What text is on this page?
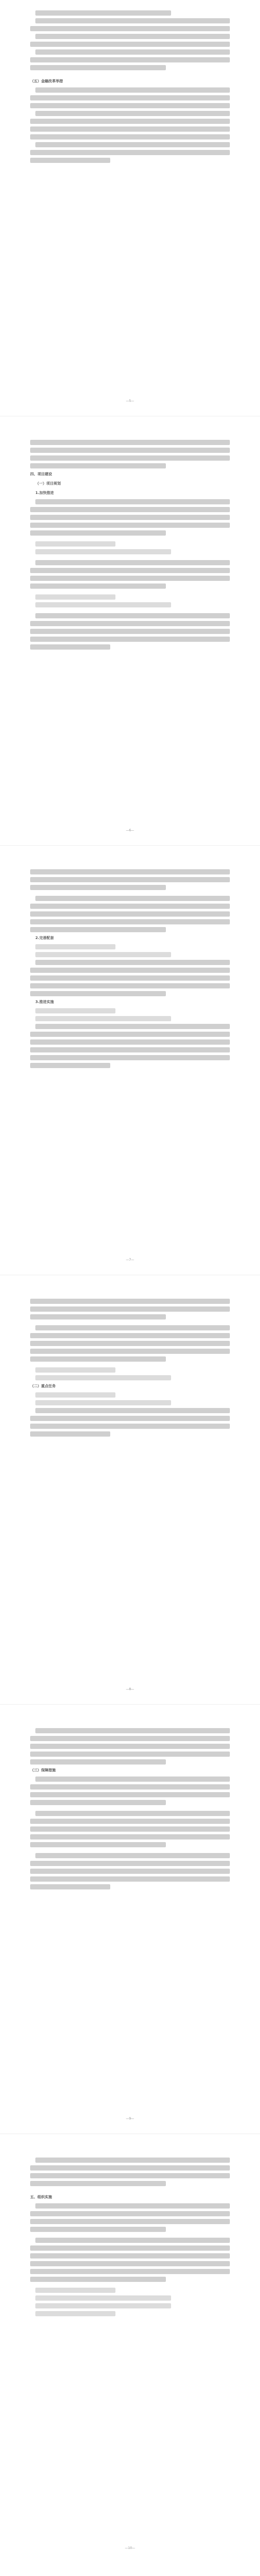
（五）金融改革举措
—5—
四、项目建设
（一）项目规划
1.加快推进
—6—
2.完善配套
3.推进实施
—7—
（二）重点任务
—8—
（三）保障措施
—9—
五、组织实施
—10—
